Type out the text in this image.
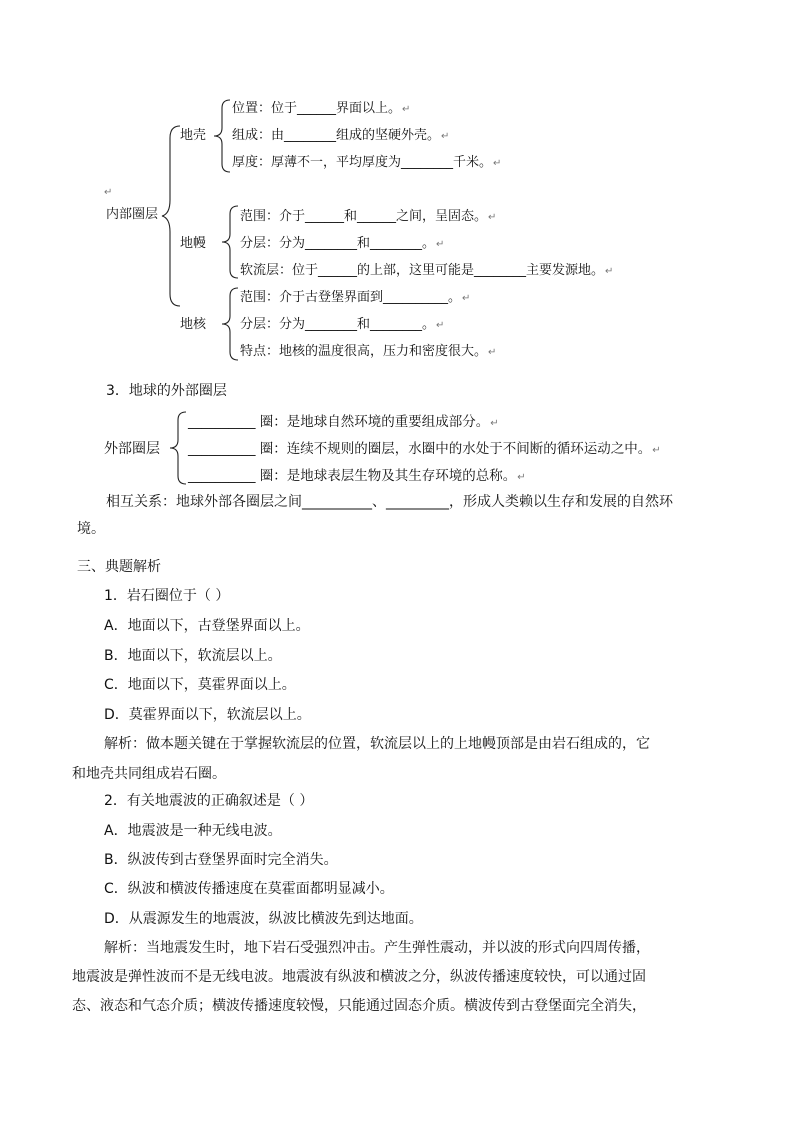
↵
内部圈层
地壳
位置：位于______界面以上。↵
组成：由________组成的坚硬外壳。↵
厚度：厚薄不一，平均厚度为________千米。↵
地幔
范围：介于______和______之间，呈固态。↵
分层：分为________和________。↵
软流层：位于______的上部，这里可能是________主要发源地。↵
地核
范围：介于古登堡界面到__________。↵
分层：分为________和________。↵
特点：地核的温度很高，压力和密度很大。↵
3．地球的外部圈层
外部圈层
__________ 圈：是地球自然环境的重要组成部分。↵
__________ 圈：连续不规则的圈层，水圈中的水处于不间断的循环运动之中。↵
__________ 圈：是地球表层生物及其生存环境的总称。↵
相互关系：地球外部各圈层之间__________、_________，形成人类赖以生存和发展的自然环
境。
三、典题解析
1．岩石圈位于（ ）
A．地面以下，古登堡界面以上。
B．地面以下，软流层以上。
C．地面以下，莫霍界面以上。
D．莫霍界面以下，软流层以上。
解析：做本题关键在于掌握软流层的位置，软流层以上的上地幔顶部是由岩石组成的，它
和地壳共同组成岩石圈。
2．有关地震波的正确叙述是（ ）
A．地震波是一种无线电波。
B．纵波传到古登堡界面时完全消失。
C．纵波和横波传播速度在莫霍面都明显减小。
D．从震源发生的地震波，纵波比横波先到达地面。
解析：当地震发生时，地下岩石受强烈冲击。产生弹性震动，并以波的形式向四周传播，
地震波是弹性波而不是无线电波。地震波有纵波和横波之分，纵波传播速度较快，可以通过固
态、液态和气态介质；横波传播速度较慢，只能通过固态介质。横波传到古登堡面完全消失，
